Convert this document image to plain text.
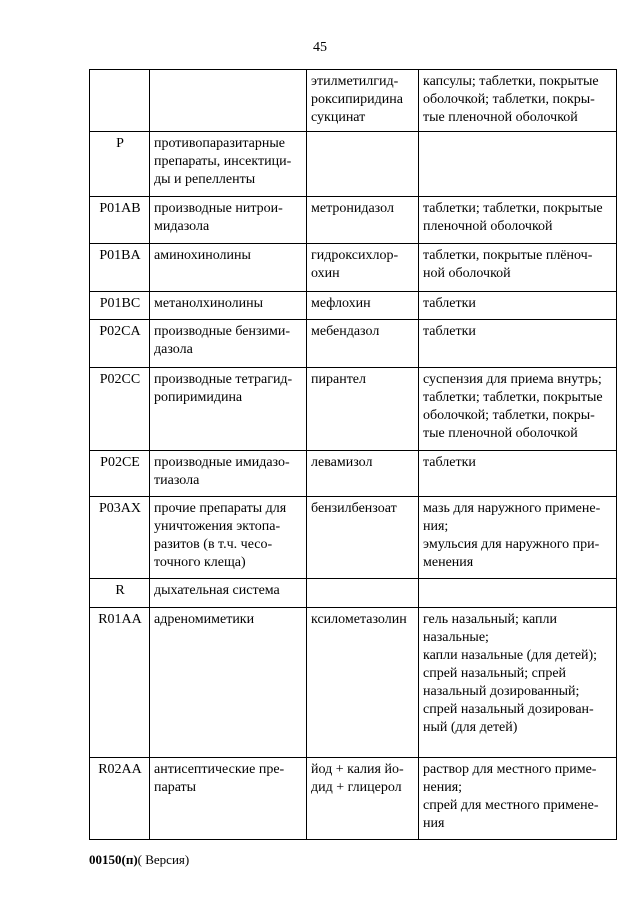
45
		этилметилгид-
роксипиридина
сукцинат	капсулы; таблетки, покрытые оболочкой; таблетки, покры-
тые пленочной оболочкой
P	противопаразитарные препараты, инсектици-
ды и репелленты		
P01AB	производные нитрои-
мидазола	метронидазол	таблетки; таблетки, покрытые пленочной оболочкой
P01BA	аминохинолины	гидроксихлор-
охин	таблетки, покрытые плёноч-
ной оболочкой
P01BC	метанолхинолины	мефлохин	таблетки
P02CA	производные бензими-
дазола	мебендазол	таблетки
P02CC	производные тетрагид-
ропиримидина	пирантел	суспензия для приема внутрь; таблетки; таблетки, покрытые оболочкой; таблетки, покры-
тые пленочной оболочкой
P02CE	производные имидазо-
тиазола	левамизол	таблетки
P03AX	прочие препараты для уничтожения эктопа-
разитов (в т.ч. чесо-
точного клеща)	бензилбензоат	мазь для наружного примене-
ния;
эмульсия для наружного при-
менения
R	дыхательная система		
R01AA	адреномиметики	ксилометазолин	гель назальный; капли назальные;
капли назальные (для детей);
спрей назальный; спрей назальный дозированный;
спрей назальный дозирован-
ный (для детей)
R02AA	антисептические пре-
параты	йод + калия йо-
дид + глицерол	раствор для местного приме-
нения;
спрей для местного примене-
ния
00150(п)( Версия)
